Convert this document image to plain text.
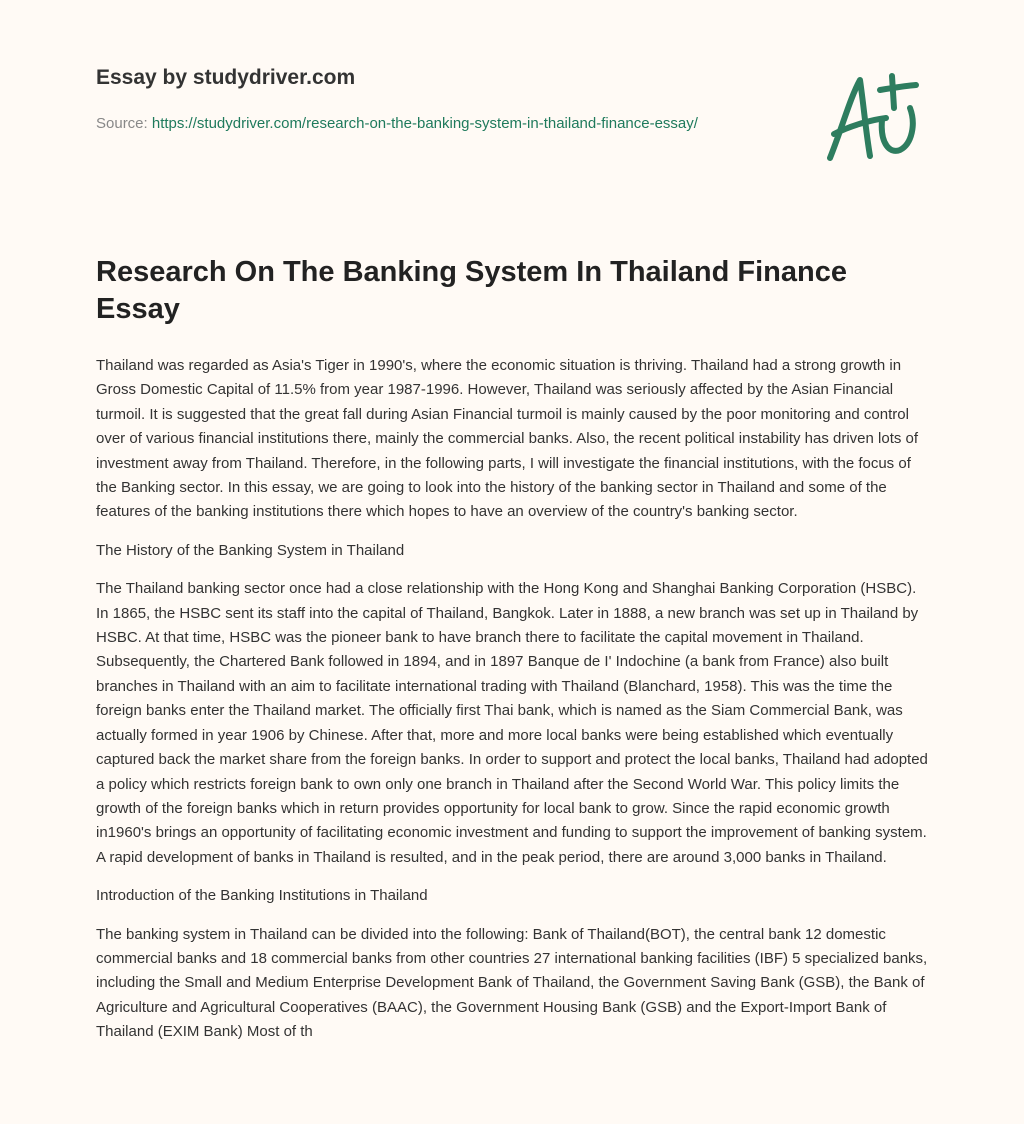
Essay by studydriver.com
Source: https://studydriver.com/research-on-the-banking-system-in-thailand-finance-essay/
Research On The Banking System In Thailand Finance Essay

Thailand was regarded as Asia's Tiger in 1990's, where the economic situation is thriving. Thailand had a strong growth in Gross Domestic Capital of 11.5% from year 1987-1996. However, Thailand was seriously affected by the Asian Financial turmoil. It is suggested that the great fall during Asian Financial turmoil is mainly caused by the poor monitoring and control over of various financial institutions there, mainly the commercial banks. Also, the recent political instability has driven lots of investment away from Thailand. Therefore, in the following parts, I will investigate the financial institutions, with the focus of the Banking sector. In this essay, we are going to look into the history of the banking sector in Thailand and some of the features of the banking institutions there which hopes to have an overview of the country's banking sector.

The History of the Banking System in Thailand

The Thailand banking sector once had a close relationship with the Hong Kong and Shanghai Banking Corporation (HSBC). In 1865, the HSBC sent its staff into the capital of Thailand, Bangkok. Later in 1888, a new branch was set up in Thailand by HSBC. At that time, HSBC was the pioneer bank to have branch there to facilitate the capital movement in Thailand. Subsequently, the Chartered Bank followed in 1894, and in 1897 Banque de I' Indochine (a bank from France) also built branches in Thailand with an aim to facilitate international trading with Thailand (Blanchard, 1958). This was the time the foreign banks enter the Thailand market. The officially first Thai bank, which is named as the Siam Commercial Bank, was actually formed in year 1906 by Chinese. After that, more and more local banks were being established which eventually captured back the market share from the foreign banks. In order to support and protect the local banks, Thailand had adopted a policy which restricts foreign bank to own only one branch in Thailand after the Second World War. This policy limits the growth of the foreign banks which in return provides opportunity for local bank to grow. Since the rapid economic growth in1960's brings an opportunity of facilitating economic investment and funding to support the improvement of banking system. A rapid development of banks in Thailand is resulted, and in the peak period, there are around 3,000 banks in Thailand.

Introduction of the Banking Institutions in Thailand

The banking system in Thailand can be divided into the following: Bank of Thailand(BOT), the central bank 12 domestic commercial banks and 18 commercial banks from other countries 27 international banking facilities (IBF) 5 specialized banks, including the Small and Medium Enterprise Development Bank of Thailand, the Government Saving Bank (GSB), the Bank of Agriculture and Agricultural Cooperatives (BAAC), the Government Housing Bank (GSB) and the Export-Import Bank of Thailand (EXIM Bank) Most of th
